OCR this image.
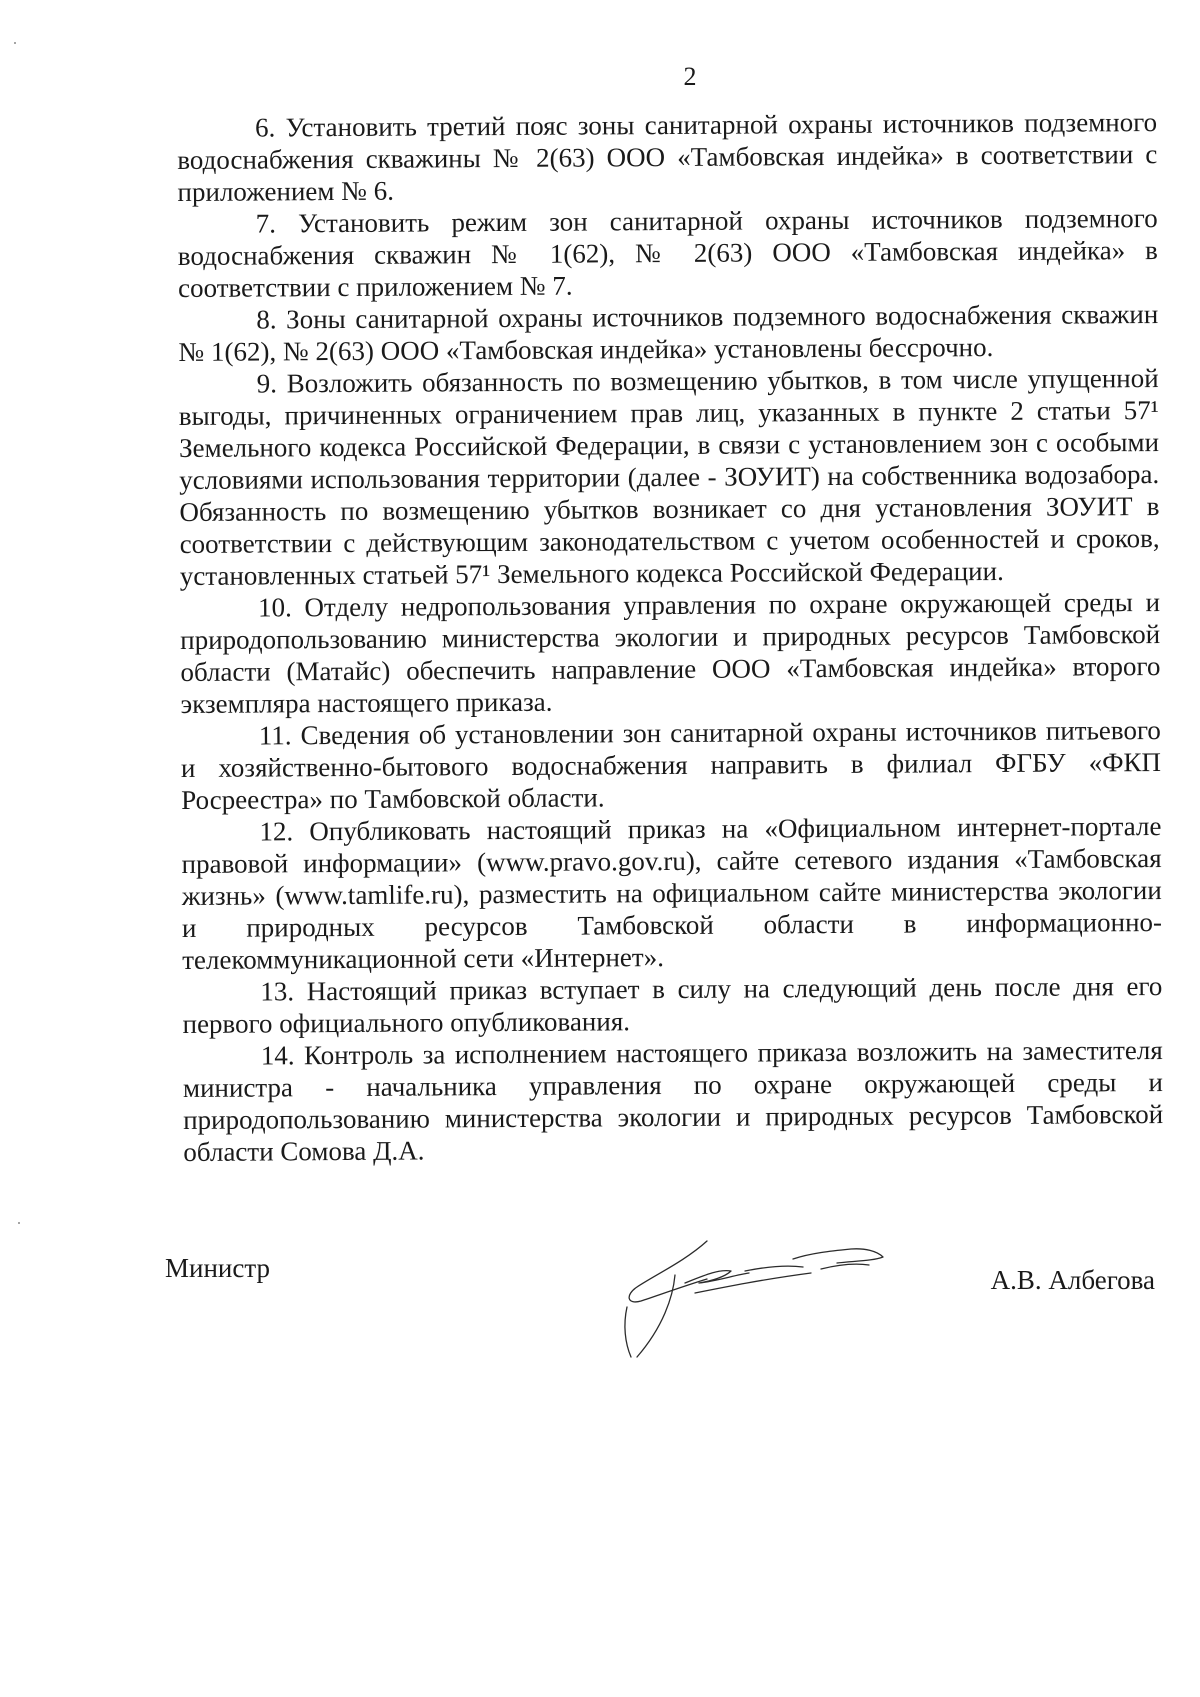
2

6. Установить третий пояс зоны санитарной охраны источников подземного водоснабжения скважины № 2(63) ООО «Тамбовская индейка» в соответствии с приложением № 6.

7. Установить режим зон санитарной охраны источников подземного водоснабжения скважин № 1(62), № 2(63) ООО «Тамбовская индейка» в соответствии с приложением № 7.

8. Зоны санитарной охраны источников подземного водоснабжения скважин № 1(62), № 2(63) ООО «Тамбовская индейка» установлены бессрочно.

9. Возложить обязанность по возмещению убытков, в том числе упущенной выгоды, причиненных ограничением прав лиц, указанных в пункте 2 статьи 57¹ Земельного кодекса Российской Федерации, в связи с установлением зон с особыми условиями использования территории (далее - ЗОУИТ) на собственника водозабора. Обязанность по возмещению убытков возникает со дня установления ЗОУИТ в соответствии с действующим законодательством с учетом особенностей и сроков, установленных статьей 57¹ Земельного кодекса Российской Федерации.

10. Отделу недропользования управления по охране окружающей среды и природопользованию министерства экологии и природных ресурсов Тамбовской области (Матайс) обеспечить направление ООО «Тамбовская индейка» второго экземпляра настоящего приказа.

11. Сведения об установлении зон санитарной охраны источников питьевого и хозяйственно-бытового водоснабжения направить в филиал ФГБУ «ФКП Росреестра» по Тамбовской области.

12. Опубликовать настоящий приказ на «Официальном интернет-портале правовой информации» (www.pravo.gov.ru), сайте сетевого издания «Тамбовская жизнь» (www.tamlife.ru), разместить на официальном сайте министерства экологии и природных ресурсов Тамбовской области в информационно-телекоммуникационной сети «Интернет».

13. Настоящий приказ вступает в силу на следующий день после дня его первого официального опубликования.

14. Контроль за исполнением настоящего приказа возложить на заместителя министра - начальника управления по охране окружающей среды и природопользованию министерства экологии и природных ресурсов Тамбовской области Сомова Д.А.

Министр	А.В. Албегова
